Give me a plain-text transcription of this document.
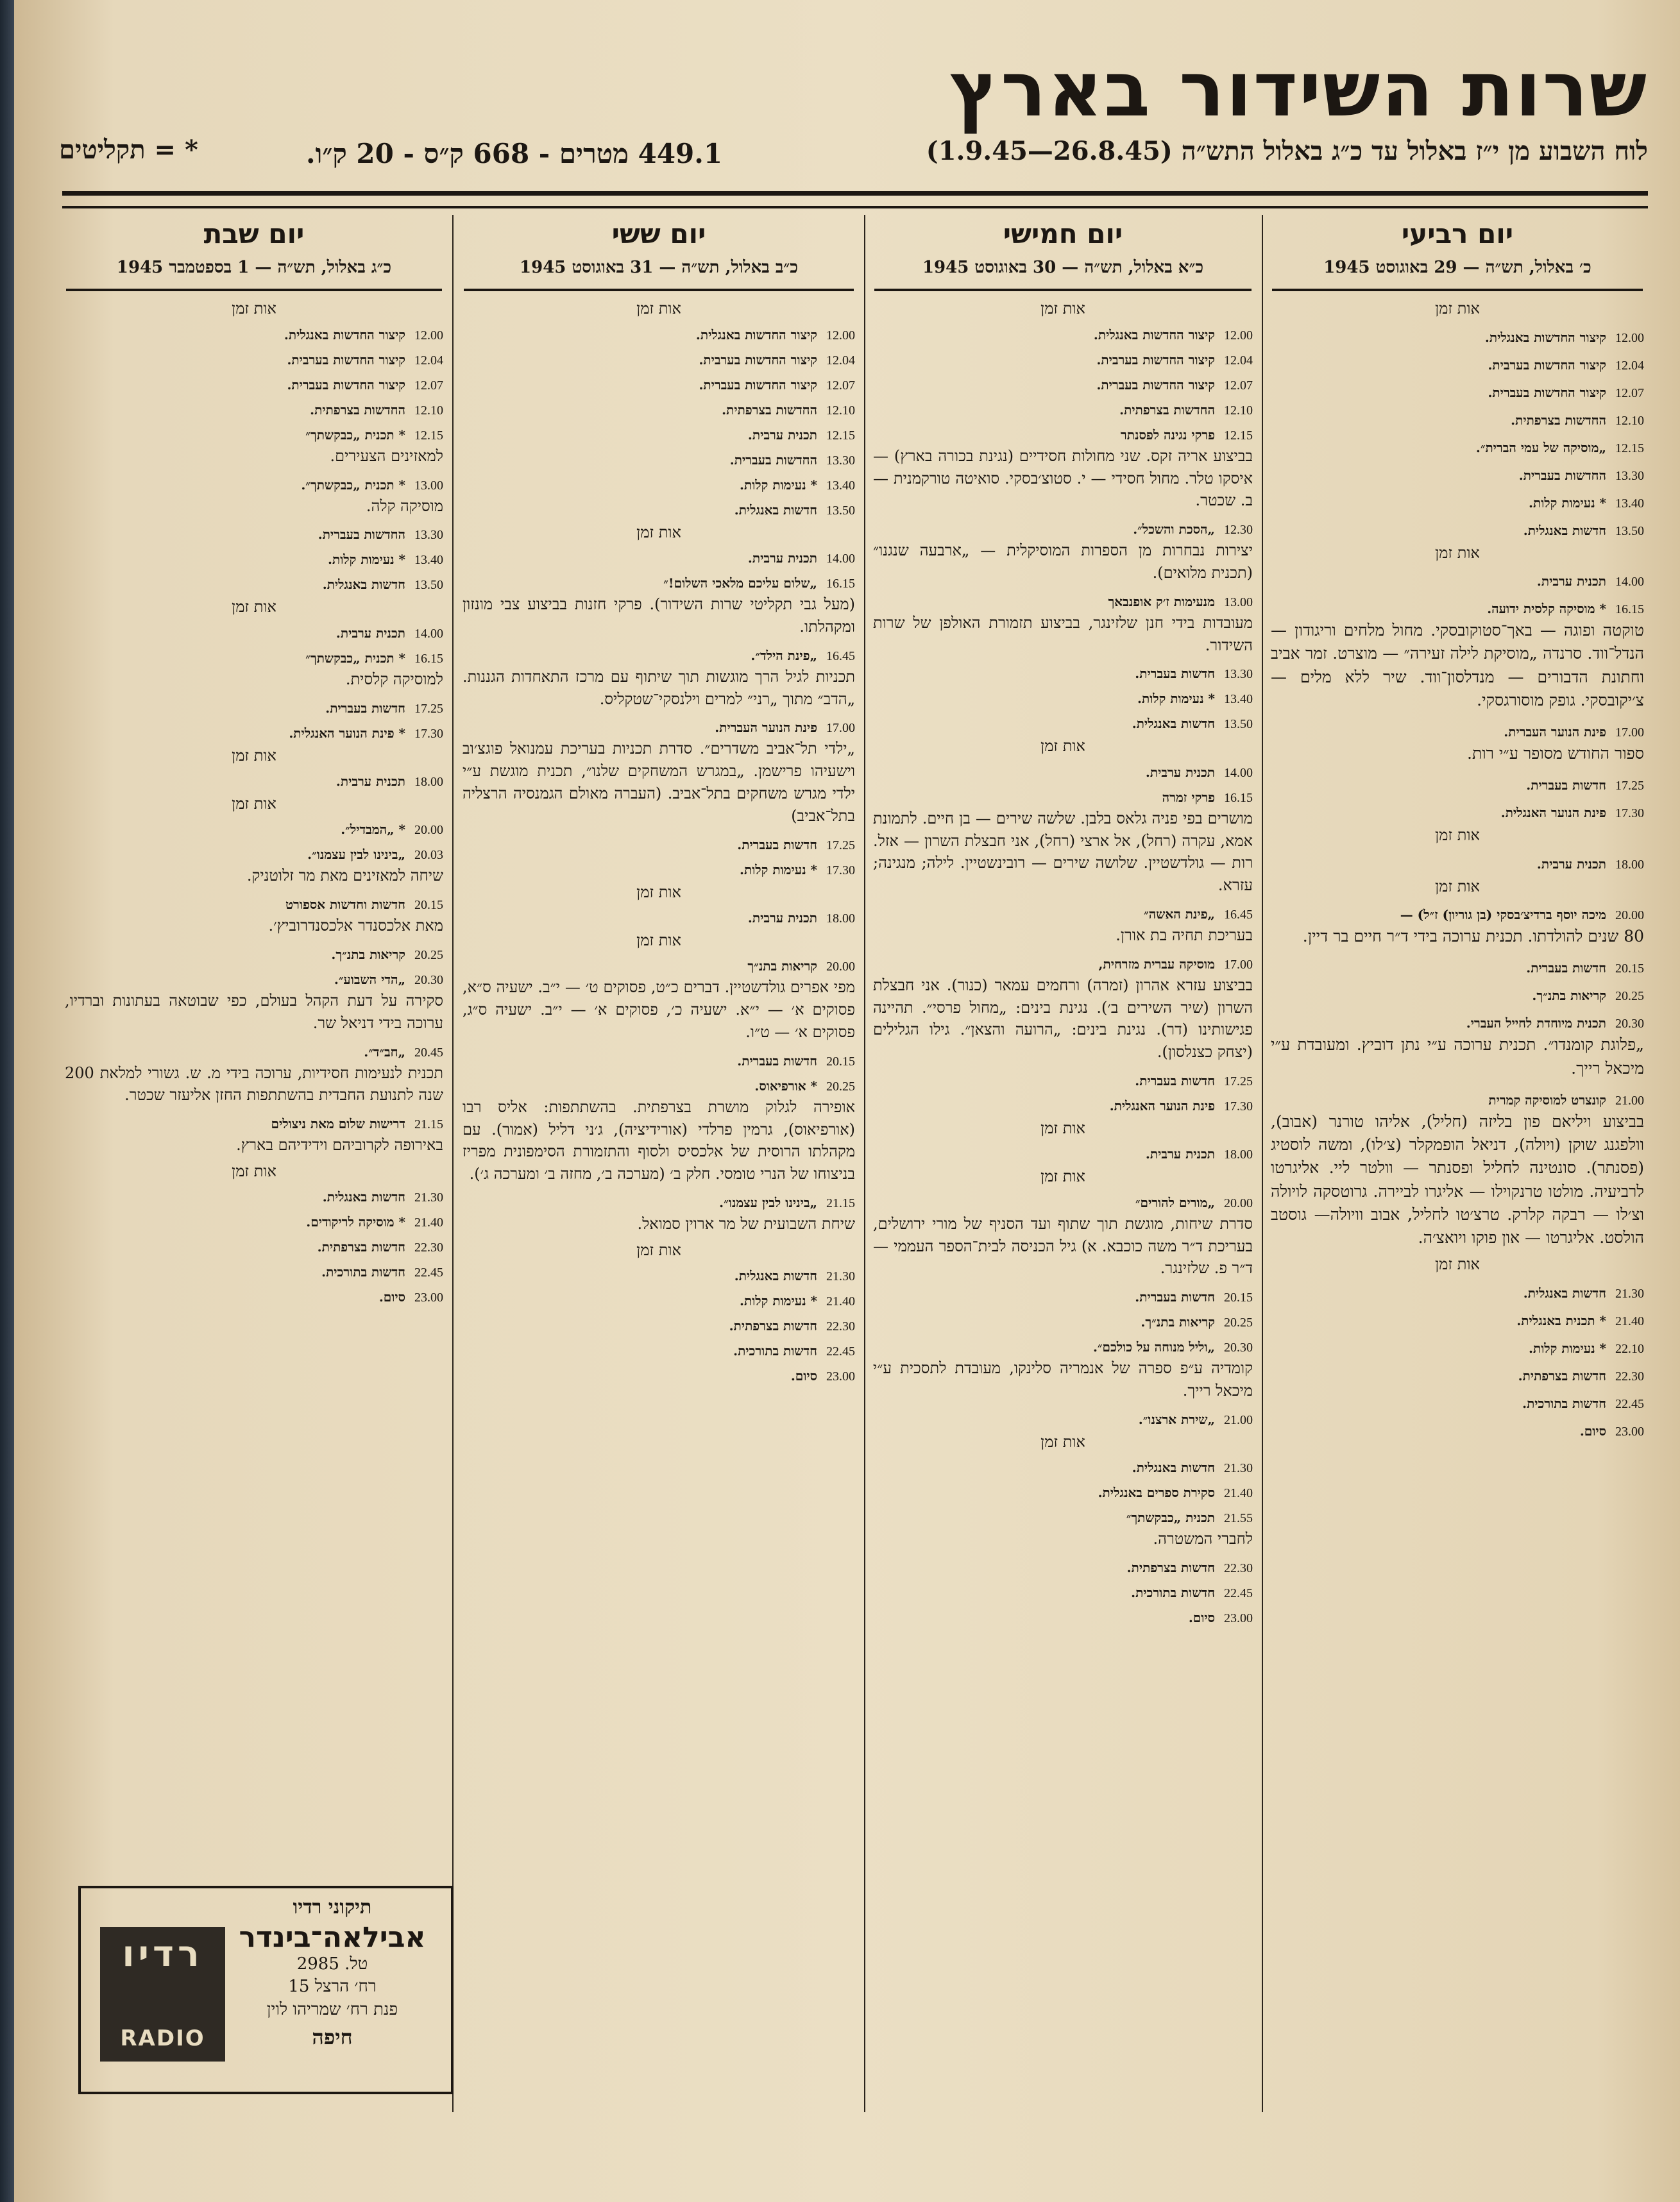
שרות השידור בארץ
לוח השבוע מן י״ז באלול עד כ״ג באלול התש״ה (26.8.45—1.9.45)
449.1 מטרים - 668 ק״ס - 20 ק״ו.
* = תקליטים
יום רביעי
כ׳ באלול, תש״ה — 29 באוגוסט 1945
אות זמן
12.00קיצור החדשות באנגלית.
12.04קיצור החדשות בערבית.
12.07קיצור החדשות בעברית.
12.10החדשות בצרפתית.
12.15„מוסיקה של עמי הברית״.
13.30החדשות בעברית.
13.40* נעימות קלות.
13.50חדשות באנגלית.
אות זמן
14.00תכנית ערבית.
16.15* מוסיקה קלסית ידועה.
טוקטה ופוגה — באך־סטוקובסקי. מחול מלחים וריגודון — הנדל־ווד. סרנדה „מוסיקת לילה זעירה״ — מוצרט. זמר אביב וחתונת הדבורים — מנדלסון־ווד. שיר ללא מלים — צ׳יקובסקי. גופק מוסורגסקי.
17.00פינת הנוער העברית.
ספור החודש מסופר ע״י רות.
17.25חדשות בעברית.
17.30פינת הנוער האנגלית.
אות זמן
18.00תכנית ערבית.
אות זמן
20.00מיכה יוסף ברדיצ׳בסקי (בן גוריון) ז״ל) —
80 שנים להולדתו. תכנית ערוכה בידי ד״ר חיים בר דיין.
20.15חדשות בעברית.
20.25קריאות בתנ״ך.
20.30תכנית מיוחדת לחייל העברי.
„פלוגת קומנדו״. תכנית ערוכה ע״י נתן דוביץ. ומעובדת ע״י מיכאל רייך.
21.00קונצרט למוסיקה קמרית
בביצוע ויליאם פון בליזה (חליל), אליהו טורנר (אבוב), וולפגנג שוקן (ויולה), דניאל הופמקלר (צ׳לו), ומשה לוסטיג (פסנתר). סונטינה לחליל ופסנתר — וולטר ליי. אליגרטו לרביעיה. מולטו טרנקוילו — אליגרו לביירה. גרוטסקה לויולה וצ׳לו — רבקה קלרק. טרצ׳טו לחליל, אבוב וויולה— גוסטב הולסט. אליגרטו — און פוקו ויואצ׳ה.
אות זמן
21.30חדשות באנגלית.
21.40* תכנית באנגלית.
22.10* נעימות קלות.
22.30חדשות בצרפתית.
22.45חדשות בתורכית.
23.00סיום.
יום חמישי
כ״א באלול, תש״ה — 30 באוגוסט 1945
אות זמן
12.00קיצור החדשות באנגלית.
12.04קיצור החדשות בערבית.
12.07קיצור החדשות בעברית.
12.10החדשות בצרפתית.
12.15פרקי נגינה לפסנתר
בביצוע אריה זקס. שני מחולות חסידיים (נגינת בכורה בארץ) — איסקו טלר. מחול חסידי — י. סטוצ׳בסקי. סואיטה טורקמנית — ב. שכטר.
12.30„הסכת והשכל״.
יצירות נבחרות מן הספרות המוסיקלית — „ארבעה שנגנו״ (תכנית מלואים).
13.00מנעימות ז׳ק אופנבאך
מעובדות בידי חנן שלזינגר, בביצוע תזמורת האולפן של שרות השידור.
13.30חדשות בעברית.
13.40* נעימות קלות.
13.50חדשות באנגלית.
אות זמן
14.00תכנית ערבית.
16.15פרקי זמרה
מושרים בפי פניה גלאס בלבן. שלשה שירים — בן חיים. לתמונת אמא, עקרה (רחל), אל ארצי (רחל), אני חבצלת השרון — אזל. רות — גולדשטיין. שלושה שירים — רובינשטיין. לילה; מנגינה; עזרא.
16.45„פינת האשה״
בעריכת תחיה בת אורן.
17.00מוסיקה עברית מזרחית,
בביצוע עזרא אהרון (זמרה) ורחמים עמאר (כנור). אני חבצלת השרון (שיר השירים ב׳). נגינת בינים: „מחול פרסי״. תהיינה פגישותינו (דר). נגינת בינים: „הרועה והצאן״. גילו הגלילים (יצחק כצנלסון).
17.25חדשות בעברית.
17.30פינת הנוער האנגלית.
אות זמן
18.00תכנית ערבית.
אות זמן
20.00„מורים להורים״
סדרת שיחות, מוגשת תוך שתוף ועד הסניף של מורי ירושלים, בעריכת ד״ר משה כוכבא. א) גיל הכניסה לבית־הספר העממי — ד״ר פ. שלזינגר.
20.15חדשות בעברית.
20.25קריאות בתנ״ך.
20.30„וליל מנוחה על כולכם״.
קומדיה ע״פ ספרה של אנמריה סלינקו, מעובדת לתסכית ע״י מיכאל רייך.
21.00„שירת ארצנו״.
אות זמן
21.30חדשות באנגלית.
21.40סקירת ספרים באנגלית.
21.55תכנית „כבקשתך״
לחברי המשטרה.
22.30חדשות בצרפתית.
22.45חדשות בתורכית.
23.00סיום.
יום ששי
כ״ב באלול, תש״ה — 31 באוגוסט 1945
אות זמן
12.00קיצור החדשות באנגלית.
12.04קיצור החדשות בערבית.
12.07קיצור החדשות בעברית.
12.10החדשות בצרפתית.
12.15תכנית ערבית.
13.30החדשות בעברית.
13.40* נעימות קלות.
13.50חדשות באנגלית.
אות זמן
14.00תכנית ערבית.
16.15„שלום עליכם מלאכי השלום!״
(מעל גבי תקליטי שרות השידור). פרקי חזנות בביצוע צבי מונזון ומקהלתו.
16.45„פינת הילד״.
תכניות לגיל הרך מוגשות תוך שיתוף עם מרכז התאחדות הגננות. „הדב״ מתוך „רני״ למרים וילנסקי־שטקליס.
17.00פינת הנוער העברית.
„ילדי תל־אביב משדרים״. סדרת תכניות בעריכת עמנואל פוגצ׳וב וישעיהו פרישמן. „במגרש המשחקים שלנו״, תכנית מוגשת ע״י ילדי מגרש משחקים בתל־אביב. (העברה מאולם הגמנסיה הרצליה בתל־אביב)
17.25חדשות בעברית.
17.30* נעימות קלות.
אות זמן
18.00תכנית ערבית.
אות זמן
20.00קריאות בתנ״ך
מפי אפרים גולדשטיין. דברים כ״ט, פסוקים ט׳ — י״ב. ישעיה ס״א, פסוקים א׳ — י״א. ישעיה כ׳, פסוקים א׳ — י״ב. ישעיה ס״ג, פסוקים א׳ — ט״ו.
20.15חדשות בעברית.
20.25* אורפיאוס.
אופירה לגלוק מושרת בצרפתית. בהשתתפות: אליס רבו (אורפיאוס), גרמין פרלדי (אורידיציה), ג׳ני דליל (אמור). עם מקהלתו הרוסית של אלכסיס ולסוף והתזמורת הסימפונית מפריז בניצוחו של הנרי טומסי. חלק ב׳ (מערכה ב׳, מחזה ב׳ ומערכה ג׳).
21.15„בינינו לבין עצמנו״.
שיחת השבועית של מר ארוין סמואל.
אות זמן
21.30חדשות באנגלית.
21.40* נעימות קלות.
22.30חדשות בצרפתית.
22.45חדשות בתורכית.
23.00סיום.
יום שבת
כ״ג באלול, תש״ה — 1 בספטמבר 1945
אות זמן
12.00קיצור החדשות באנגלית.
12.04קיצור החדשות בערבית.
12.07קיצור החדשות בעברית.
12.10החדשות בצרפתית.
12.15* תכנית „כבקשתך״
למאזינים הצעירים.
13.00* תכנית „כבקשתך״.
מוסיקה קלה.
13.30החדשות בעברית.
13.40* נעימות קלות.
13.50חדשות באנגלית.
אות זמן
14.00תכנית ערבית.
16.15* תכנית „כבקשתך״
למוסיקה קלסית.
17.25חדשות בעברית.
17.30* פינת הנוער האנגלית.
אות זמן
18.00תכנית ערבית.
אות זמן
20.00* „המבדיל״.
20.03„בינינו לבין עצמנו״.
שיחה למאזינים מאת מר זלוטניק.
20.15חדשות וחדשות אספורט
מאת אלכסנדר אלכסנדרוביץ׳.
20.25קריאות בתנ״ך.
20.30„הדי השבוע״.
סקירה על דעת הקהל בעולם, כפי שבוטאה בעתונות וברדיו, ערוכה בידי דניאל שר.
20.45„חב״ד״.
תכנית לנעימות חסידיות, ערוכה בידי מ. ש. גשורי למלאת 200 שנה לתנועת החבדית בהשתתפות החזן אליעזר שכטר.
21.15דרישות שלום מאת ניצולים
באירופה לקרוביהם וידידיהם בארץ.
אות זמן
21.30חדשות באנגלית.
21.40* מוסיקה לריקודים.
22.30חדשות בצרפתית.
22.45חדשות בתורכית.
23.00סיום.
רדיו
RADIO
תיקוני רדיו
אבילאה־בינדר
טל. 2985
רח׳ הרצל 15
פנת רח׳ שמריהו לוין
חיפה
